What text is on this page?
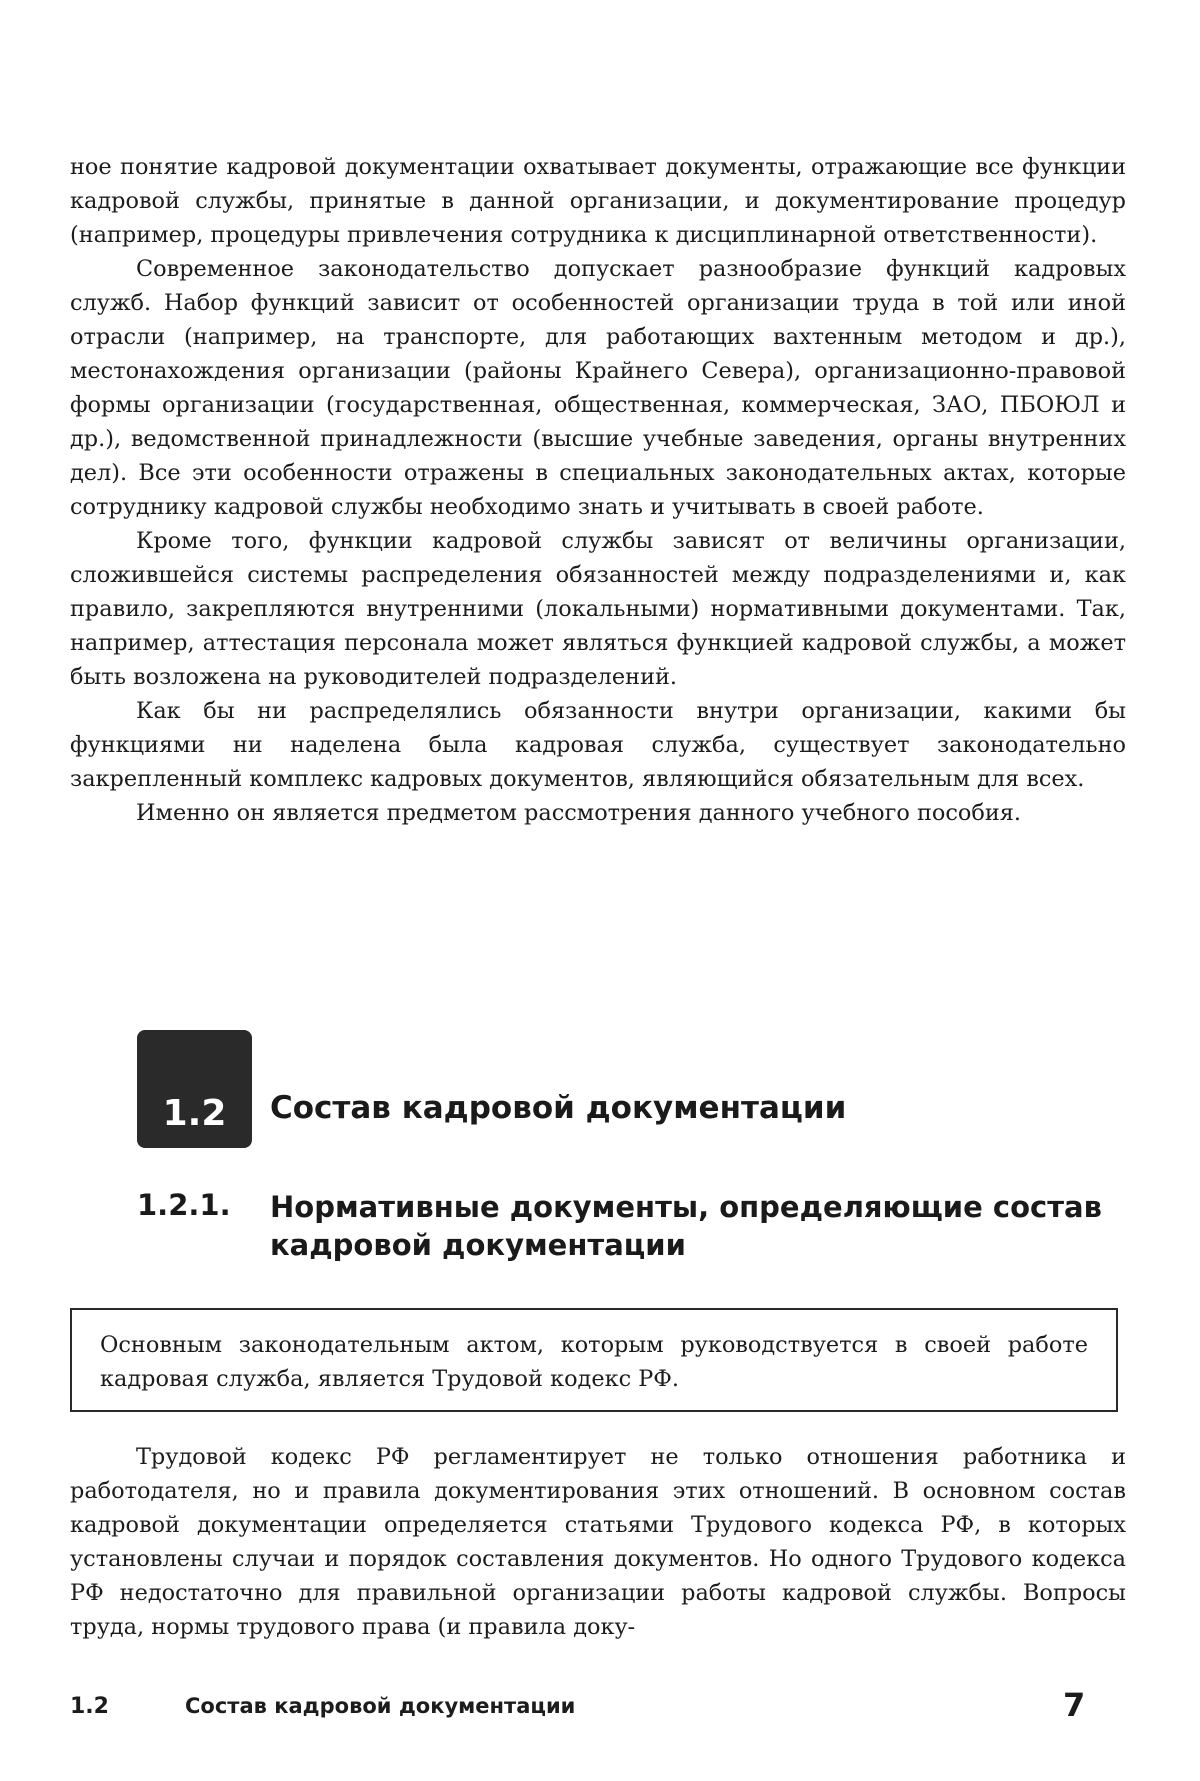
ное понятие кадровой документации охватывает документы, отражающие все функции кадровой службы, принятые в данной организации, и документирование процедур (например, процедуры привлечения сотрудника к дисциплинарной ответственности).

Современное законодательство допускает разнообразие функций кадровых служб. Набор функций зависит от особенностей организации труда в той или иной отрасли (например, на транспорте, для работающих вахтенным методом и др.), местонахождения организации (районы Крайнего Севера), организационно-правовой формы организации (государственная, общественная, коммерческая, ЗАО, ПБОЮЛ и др.), ведомственной принадлежности (высшие учебные заведения, органы внутренних дел). Все эти особенности отражены в специальных законодательных актах, которые сотруднику кадровой службы необходимо знать и учитывать в своей работе.

Кроме того, функции кадровой службы зависят от величины организации, сложившейся системы распределения обязанностей между подразделениями и, как правило, закрепляются внутренними (локальными) нормативными документами. Так, например, аттестация персонала может являться функцией кадровой службы, а может быть возложена на руководителей подразделений.

Как бы ни распределялись обязанности внутри организации, какими бы функциями ни наделена была кадровая служба, существует законодательно закрепленный комплекс кадровых документов, являющийся обязательным для всех.

Именно он является предметом рассмотрения данного учебного пособия.

1.2	Состав кадровой документации
1.2.1. Нормативные документы, определяющие состав кадровой документации
Основным законодательным актом, которым руководствуется в своей работе кадровая служба, является Трудовой кодекс РФ.

Трудовой кодекс РФ регламентирует не только отношения работника и работодателя, но и правила документирования этих отношений. В основном состав кадровой документации определяется статьями Трудового кодекса РФ, в которых установлены случаи и порядок составления документов. Но одного Трудового кодекса РФ недостаточно для правильной организации работы кадровой службы. Вопросы труда, нормы трудового права (и правила доку-

1.2	Состав кадровой документации	7
